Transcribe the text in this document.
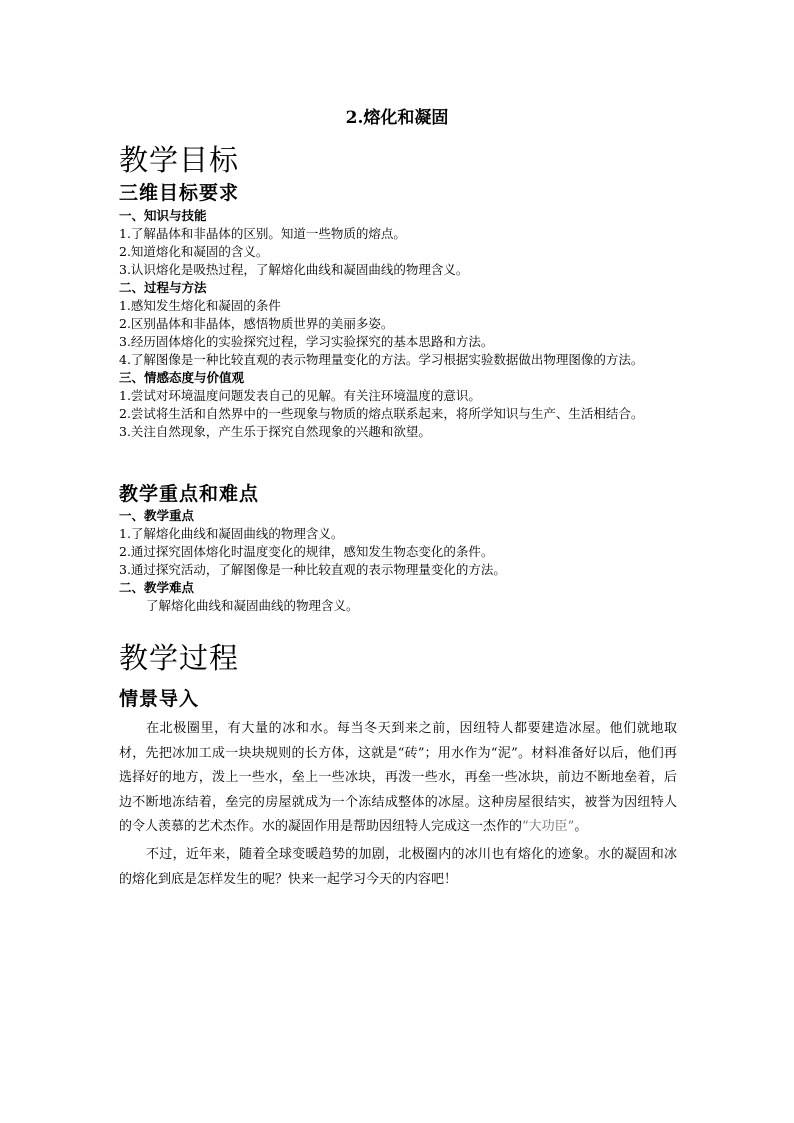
2.熔化和凝固
教学目标
三维目标要求
一、知识与技能
1.了解晶体和非晶体的区别。知道一些物质的熔点。
2.知道熔化和凝固的含义。
3.认识熔化是吸热过程，了解熔化曲线和凝固曲线的物理含义。
二、过程与方法
1.感知发生熔化和凝固的条件
2.区别晶体和非晶体，感悟物质世界的美丽多姿。
3.经历固体熔化的实验探究过程，学习实验探究的基本思路和方法。
4.了解图像是一种比较直观的表示物理量变化的方法。学习根据实验数据做出物理图像的方法。
三、情感态度与价值观
1.尝试对环境温度问题发表自己的见解。有关注环境温度的意识。
2.尝试将生活和自然界中的一些现象与物质的熔点联系起来，将所学知识与生产、生活相结合。
3.关注自然现象，产生乐于探究自然现象的兴趣和欲望。
教学重点和难点
一、教学重点
1.了解熔化曲线和凝固曲线的物理含义。
2.通过探究固体熔化时温度变化的规律，感知发生物态变化的条件。
3.通过探究活动，了解图像是一种比较直观的表示物理量变化的方法。
二、教学难点
了解熔化曲线和凝固曲线的物理含义。
教学过程
情景导入

在北极圈里，有大量的冰和水。每当冬天到来之前，因纽特人都要建造冰屋。他们就地取材，先把冰加工成一块块规则的长方体，这就是“砖”；用水作为“泥”。材料准备好以后，他们再选择好的地方，泼上一些水，垒上一些冰块，再泼一些水，再垒一些冰块，前边不断地垒着，后边不断地冻结着，垒完的房屋就成为一个冻结成整体的冰屋。这种房屋很结实，被誉为因纽特人的令人羡慕的艺术杰作。水的凝固作用是帮助因纽特人完成这一杰作的“大功臣”。

不过，近年来，随着全球变暖趋势的加剧，北极圈内的冰川也有熔化的迹象。水的凝固和冰的熔化到底是怎样发生的呢？快来一起学习今天的内容吧！
